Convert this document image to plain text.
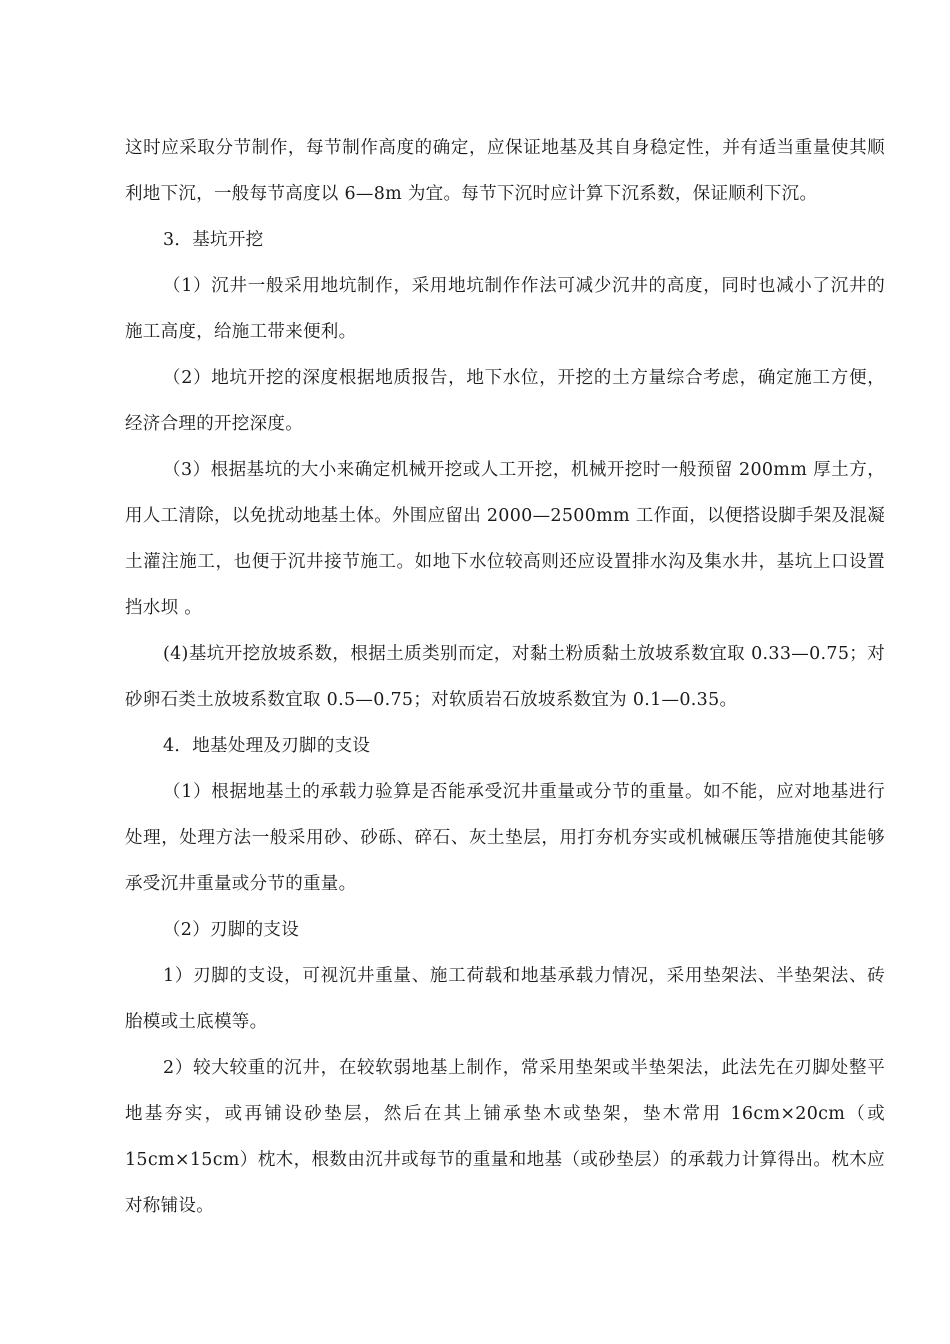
这时应采取分节制作，每节制作高度的确定，应保证地基及其自身稳定性，并有适当重量使其顺利地下沉，一般每节高度以 6—8m 为宜。每节下沉时应计算下沉系数，保证顺利下沉。

3．基坑开挖

（1）沉井一般采用地坑制作，采用地坑制作作法可减少沉井的高度，同时也减小了沉井的施工高度，给施工带来便利。

（2）地坑开挖的深度根据地质报告，地下水位，开挖的土方量综合考虑，确定施工方便，经济合理的开挖深度。

（3）根据基坑的大小来确定机械开挖或人工开挖，机械开挖时一般预留 200mm 厚土方，用人工清除，以免扰动地基土体。外围应留出 2000—2500mm 工作面，以便搭设脚手架及混凝土灌注施工，也便于沉井接节施工。如地下水位较高则还应设置排水沟及集水井，基坑上口设置挡水坝 。

(4)基坑开挖放坡系数，根据土质类别而定，对黏土粉质黏土放坡系数宜取 0.33—0.75；对砂卵石类土放坡系数宜取 0.5—0.75；对软质岩石放坡系数宜为 0.1—0.35。

4．地基处理及刃脚的支设

（1）根据地基土的承载力验算是否能承受沉井重量或分节的重量。如不能，应对地基进行处理，处理方法一般采用砂、砂砾、碎石、灰土垫层，用打夯机夯实或机械碾压等措施使其能够承受沉井重量或分节的重量。

（2）刃脚的支设

1）刃脚的支设，可视沉井重量、施工荷载和地基承载力情况，采用垫架法、半垫架法、砖胎模或土底模等。

2）较大较重的沉井，在较软弱地基上制作，常采用垫架或半垫架法，此法先在刃脚处整平地基夯实，或再铺设砂垫层，然后在其上铺承垫木或垫架，垫木常用 16cm×20cm（或15cm×15cm）枕木，根数由沉井或每节的重量和地基（或砂垫层）的承载力计算得出。枕木应对称铺设。
